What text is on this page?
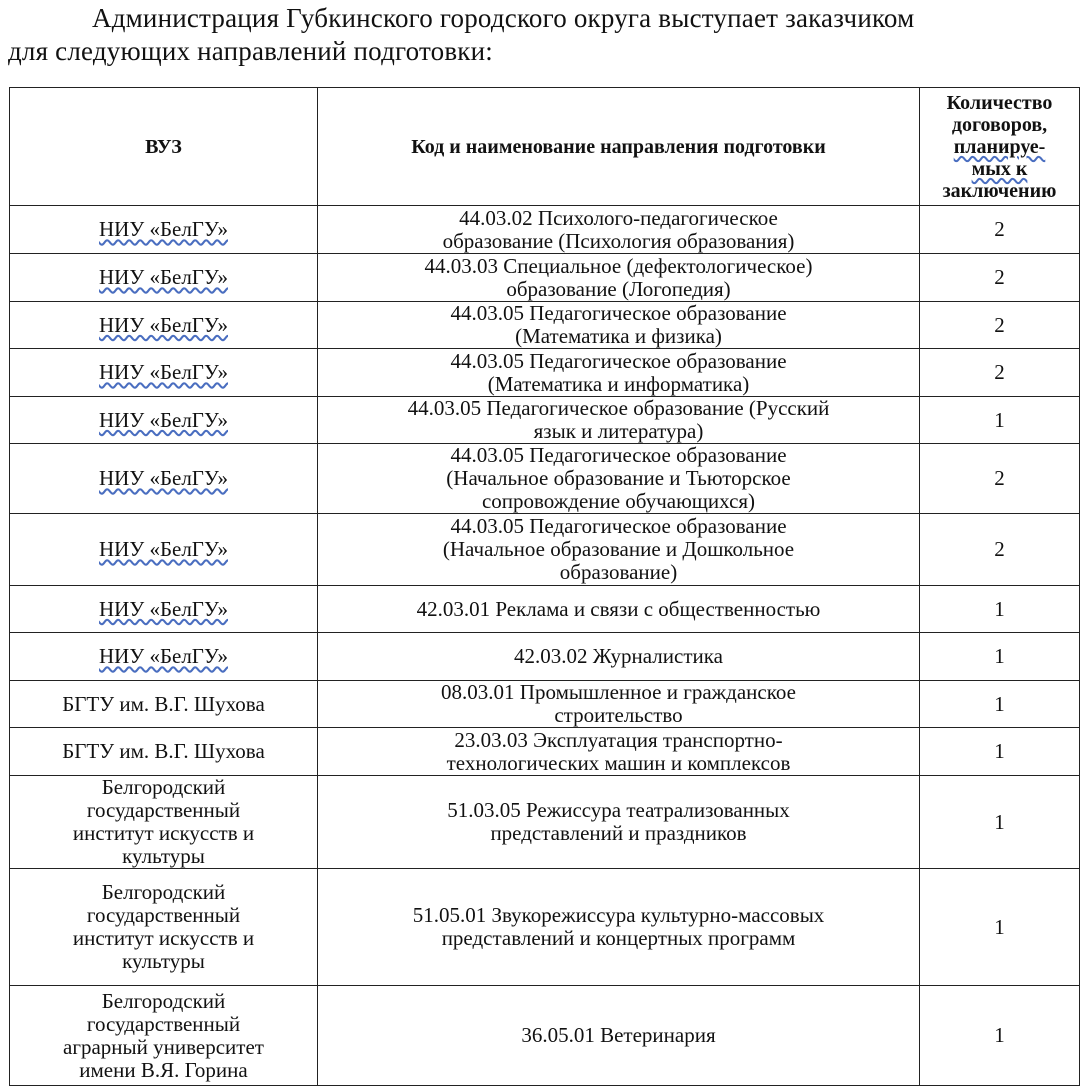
Администрация Губкинского городского округа выступает заказчиком
для следующих направлений подготовки:
ВУЗ	Код и наименование направления подготовки	Количество
договоров,
планируе-
мых к
заключению
НИУ «БелГУ»	44.03.02 Психолого-педагогическое
образование (Психология образования)	2
НИУ «БелГУ»	44.03.03 Специальное (дефектологическое)
образование (Логопедия)	2
НИУ «БелГУ»	44.03.05 Педагогическое образование
(Математика и физика)	2
НИУ «БелГУ»	44.03.05 Педагогическое образование
(Математика и информатика)	2
НИУ «БелГУ»	44.03.05 Педагогическое образование (Русский
язык и литература)	1
НИУ «БелГУ»	44.03.05 Педагогическое образование
(Начальное образование и Тьюторское
сопровождение обучающихся)	2
НИУ «БелГУ»	44.03.05 Педагогическое образование
(Начальное образование и Дошкольное
образование)	2
НИУ «БелГУ»	42.03.01 Реклама и связи с общественностью	1
НИУ «БелГУ»	42.03.02 Журналистика	1
БГТУ им. В.Г. Шухова	08.03.01 Промышленное и гражданское
строительство	1
БГТУ им. В.Г. Шухова	23.03.03 Эксплуатация транспортно-
технологических машин и комплексов	1
Белгородский
государственный
институт искусств и
культуры	51.03.05 Режиссура театрализованных
представлений и праздников	1
Белгородский
государственный
институт искусств и
культуры	51.05.01 Звукорежиссура культурно-массовых
представлений и концертных программ	1
Белгородский
государственный
аграрный университет
имени В.Я. Горина	36.05.01 Ветеринария	1
